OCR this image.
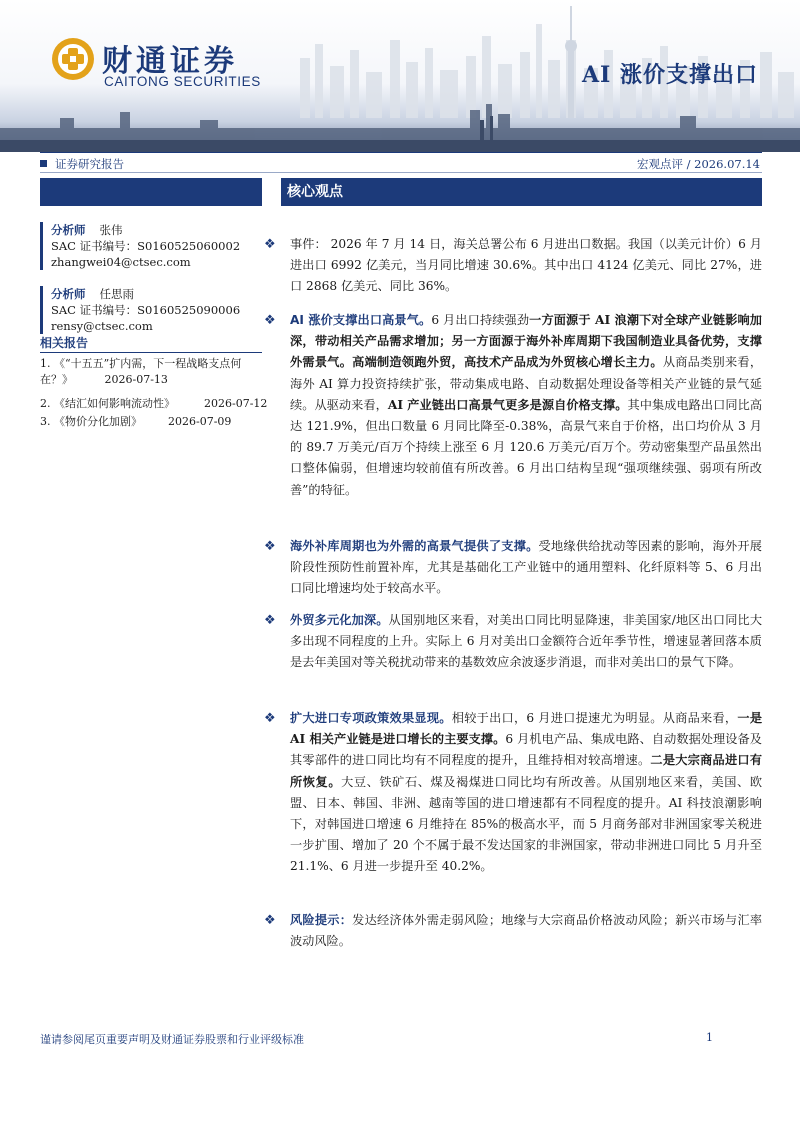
财通证券
CAITONG SECURITIES	AI 涨价支撑出口
证券研究报告	宏观点评 / 2026.07.14
分析师 张伟
SAC 证书编号：S0160525060002
zhangwei04@ctsec.com
分析师 任思雨
SAC 证书编号：S0160525090006
rensy@ctsec.com
相关报告
1. 《“十五五”扩内需，下一程战略支点何在？》	2026-07-13
2. 《结汇如何影响流动性》	2026-07-12
3. 《物价分化加剧》 2026-07-09
核心观点
❖ 事件： 2026 年 7 月 14 日，海关总署公布 6 月进出口数据。我国（以美元计价）6 月进出口 6992 亿美元，当月同比增速 30.6%。其中出口 4124 亿美元、同比 27%，进口 2868 亿美元、同比 36%。

❖ AI 涨价支撑出口高景气。6 月出口持续强劲一方面源于 AI 浪潮下对全球产业链影响加深，带动相关产品需求增加；另一方面源于海外补库周期下我国制造业具备优势，支撑外需景气。高端制造领跑外贸，高技术产品成为外贸核心增长主力。从商品类别来看，海外 AI 算力投资持续扩张，带动集成电路、自动数据处理设备等相关产业链的景气延续。从驱动来看，AI 产业链出口高景气更多是源自价格支撑。其中集成电路出口同比高达 121.9%，但出口数量 6 月同比降至-0.38%，高景气来自于价格，出口均价从 3 月的 89.7 万美元/百万个持续上涨至 6 月 120.6 万美元/百万个。劳动密集型产品虽然出口整体偏弱，但增速均较前值有所改善。6 月出口结构呈现“强项继续强、弱项有所改善”的特征。

❖ 海外补库周期也为外需的高景气提供了支撑。受地缘供给扰动等因素的影响，海外开展阶段性预防性前置补库，尤其是基础化工产业链中的通用塑料、化纤原料等 5、6 月出口同比增速均处于较高水平。

❖ 外贸多元化加深。从国别地区来看，对美出口同比明显降速，非美国家/地区出口同比大多出现不同程度的上升。实际上 6 月对美出口金额符合近年季节性，增速显著回落本质是去年美国对等关税扰动带来的基数效应余波逐步消退，而非对美出口的景气下降。

❖ 扩大进口专项政策效果显现。相较于出口，6 月进口提速尤为明显。从商品来看，一是 AI 相关产业链是进口增长的主要支撑。6 月机电产品、集成电路、自动数据处理设备及其零部件的进口同比均有不同程度的提升，且维持相对较高增速。二是大宗商品进口有所恢复。大豆、铁矿石、煤及褐煤进口同比均有所改善。从国别地区来看，美国、欧盟、日本、韩国、非洲、越南等国的进口增速都有不同程度的提升。AI 科技浪潮影响下，对韩国进口增速 6 月维持在 85%的极高水平，而 5 月商务部对非洲国家零关税进一步扩围、增加了 20 个不属于最不发达国家的非洲国家，带动非洲进口同比 5 月升至 21.1%、6 月进一步提升至 40.2%。

❖ 风险提示：发达经济体外需走弱风险；地缘与大宗商品价格波动风险；新兴市场与汇率波动风险。

谨请参阅尾页重要声明及财通证券股票和行业评级标准	1
